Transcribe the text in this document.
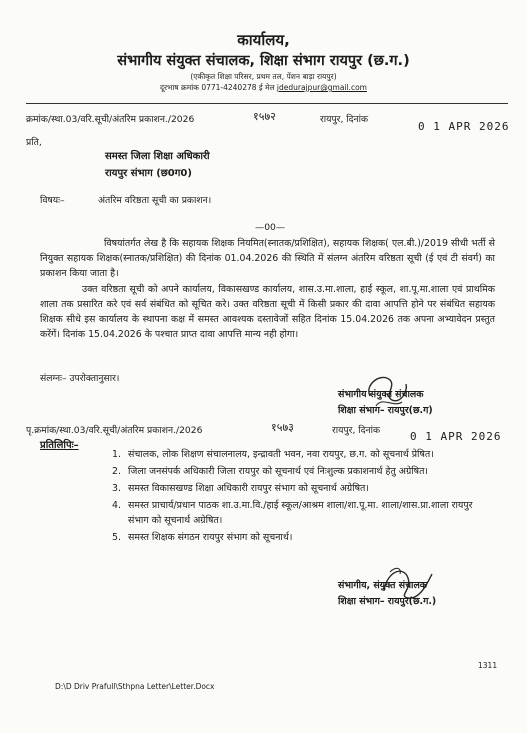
कार्यालय,
संभागीय संयुक्त संचालक, शिक्षा संभाग रायपुर (छ.ग.)
(एकीकृत शिक्षा परिसर, प्रथम तल, पेंशन बाड़ा रायपुर)
दूरभाष क्रमांक 0771-4240278 ई मेल jdedurajpur@gmail.com
क्रमांक/स्था.03/वरि.सूची/अंतरिम प्रकाशन./2026	१५७२	रायपुर, दिनांक
0 1 APR 2026
प्रति,
समस्त जिला शिक्षा अधिकारी
रायपुर संभाग (छ0ग0)
विषयः–	अंतरिम वरिष्ठता सूची का प्रकाशन।
—00—
विषयांतर्गत लेख है कि सहायक शिक्षक नियमित(स्नातक/प्रशिक्षित), सहायक शिक्षक( एल.बी.)/2019 सीधी भर्ती से नियुक्त सहायक शिक्षक(स्नातक/प्रशिक्षित) की दिनांक 01.04.2026 की स्थिति में संलग्न अंतरिम वरिष्ठता सूची (ई एवं टी संवर्ग) का प्रकाशन किया जाता है।
उक्त वरिष्ठता सूची को अपने कार्यालय, विकासखण्ड कार्यालय, शास.उ.मा.शाला, हाई स्कूल, शा.पू.मा.शाला एवं प्राथमिक शाला तक प्रसारित करे एवं सर्व संबंधित को सूचित करे। उक्त वरिष्ठता सूची में किसी प्रकार की दावा आपत्ति होने पर संबंधित सहायक शिक्षक सीधे इस कार्यालय के स्थापना कक्ष में समस्त आवश्यक दस्तावेजों सहित दिनांक 15.04.2026 तक अपना अभ्यावेदन प्रस्तुत करेंगें। दिनांक 15.04.2026 के पश्चात प्राप्त दावा आपत्ति मान्य नही होगा।
संलग्नः– उपरोक्तानुसार।
संभागीय संयुक्त संचालक
शिक्षा संभाग– रायपुर(छ.ग)
पृ.क्रमांक/स्था.03/वरि.सूची/अंतरिम प्रकाशन./2026	१५७३	रायपुर, दिनांक	0 1 APR 2026
प्रतिलिपिः–
1. संचालक, लोक शिक्षण संचालनालय, इन्द्रावती भवन, नवा रायपुर, छ.ग. को सूचनार्थ प्रेषित।
2. जिला जनसंपर्क अधिकारी जिला रायपुर को सूचनार्थ एवं निःशुल्क प्रकाशनार्थ हेतु अग्रेषित।
3. समस्त विकासखण्ड शिक्षा अधिकारी रायपुर संभाग को सूचनार्थ अग्रेषित।
4. समस्त प्राचार्य/प्रधान पाठक शा.उ.मा.वि./हाई स्कूल/आश्रम शाला/शा.पू.मा. शाला/शास.प्रा.शाला रायपुर संभाग को सूचनार्थ अग्रेषित।
5. समस्त शिक्षक संगठन रायपुर संभाग को सूचनार्थ।
संभागीय, संयुक्त संचालक
शिक्षा संभाग– रायपुर(छ.ग.)
1311
D:\D Driv Prafull\Sthpna Letter\Letter.Docx
